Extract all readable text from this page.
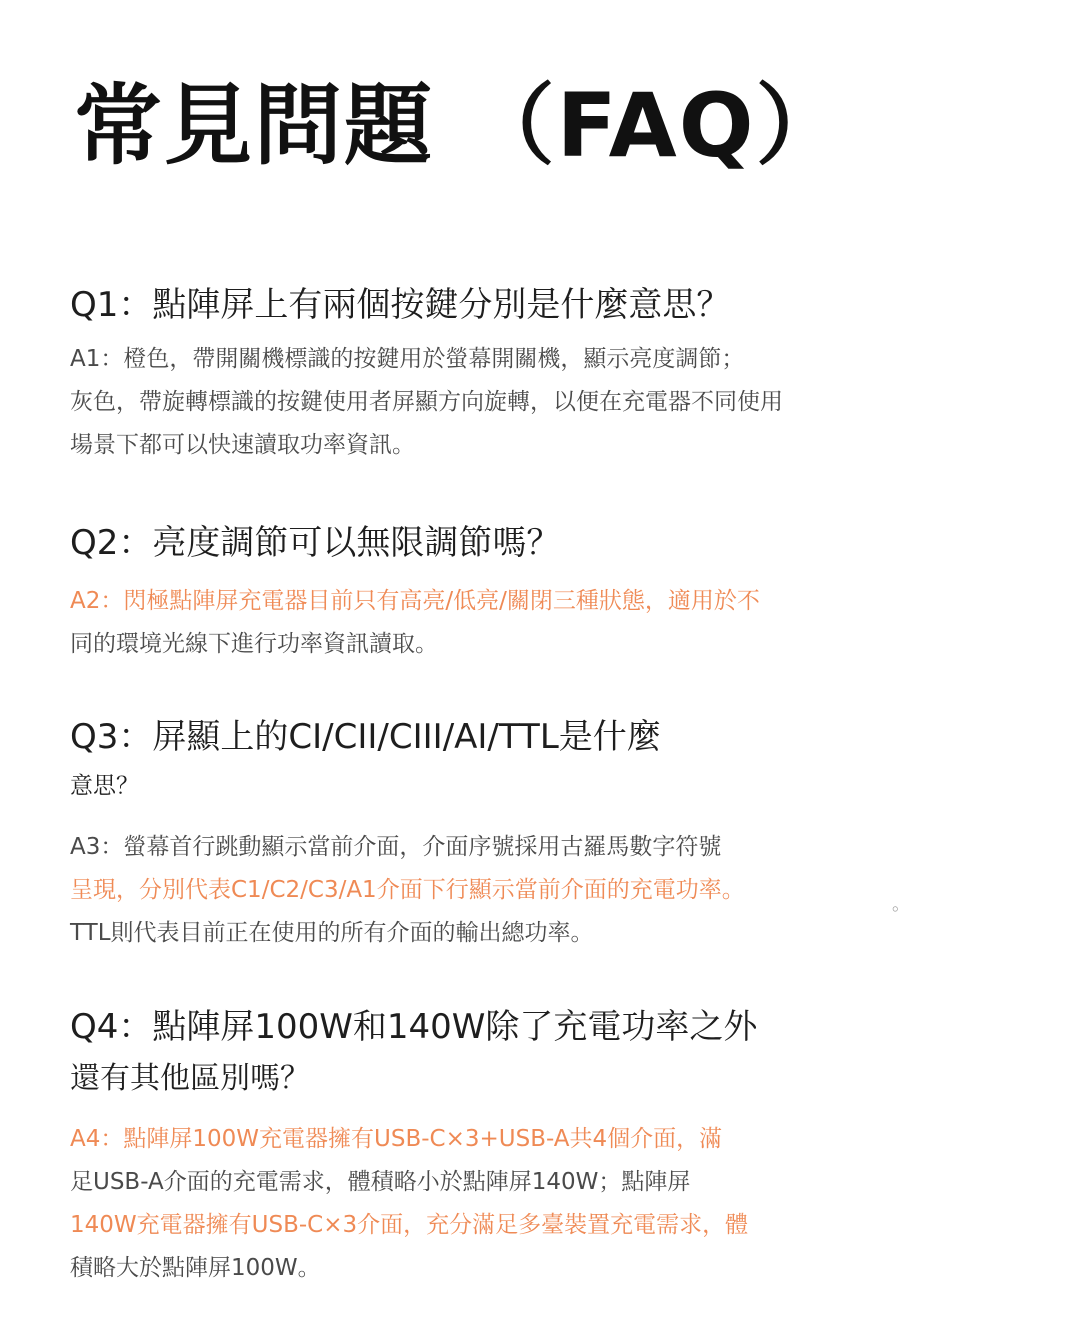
常見問題 （FAQ）
Q1：點陣屏上有兩個按鍵分別是什麼意思？

A1：橙色，帶開關機標識的按鍵用於螢幕開關機，顯示亮度調節；
灰色，帶旋轉標識的按鍵使用者屏顯方向旋轉，以便在充電器不同使用
場景下都可以快速讀取功率資訊。

Q2：亮度調節可以無限調節嗎？

A2：閃極點陣屏充電器目前只有高亮/低亮/關閉三種狀態，適用於不
同的環境光線下進行功率資訊讀取。

Q3：屏顯上的CI/CII/CIII/AI/TTL是什麼
意思？

A3：螢幕首行跳動顯示當前介面，介面序號採用古羅馬數字符號
呈現，分別代表C1/C2/C3/A1介面下行顯示當前介面的充電功率。
TTL則代表目前正在使用的所有介面的輸出總功率。

。
Q4：點陣屏100W和140W除了充電功率之外
還有其他區別嗎？

A4：點陣屏100W充電器擁有USB-C×3+USB-A共4個介面，滿
足USB-A介面的充電需求，體積略小於點陣屏140W；點陣屏
140W充電器擁有USB-C×3介面，充分滿足多臺裝置充電需求，體
積略大於點陣屏100W。
